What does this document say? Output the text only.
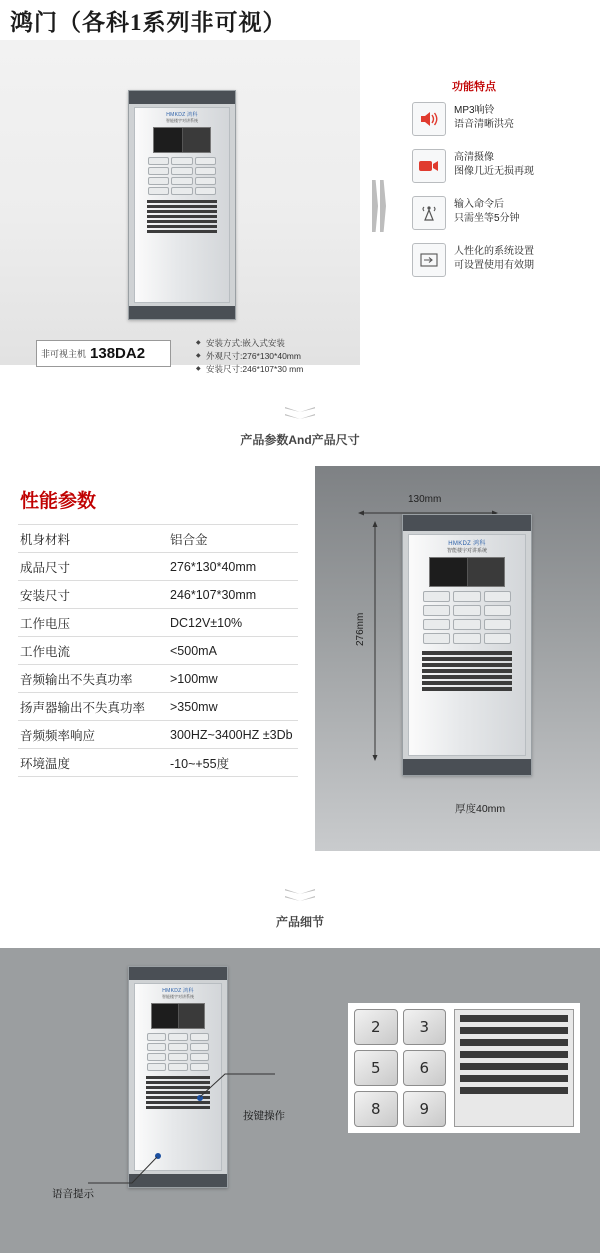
鸿门（各科1系列非可视）
HMKDZ 鸿科
智能楼宇对讲系统
非可视主机 138DA2
◆ 安装方式:嵌入式安装
◆ 外观尺寸:276*130*40mm
◆ 安装尺寸:246*107*30 mm
功能特点
MP3响铃
语音清晰洪亮
高清摄像
图像几近无损再现
输入命令后
只需坐等5分钟
人性化的系统设置
可设置使用有效期
产品参数And产品尺寸
性能参数
机身材料	铝合金
成品尺寸	276*130*40mm
安装尺寸	246*107*30mm
工作电压	DC12V±10%
工作电流	<500mA
音频输出不失真功率	>100mw
扬声器输出不失真功率	>350mw
音频频率响应	300HZ~3400HZ ±3Db
环境温度	-10~+55度
130mm
276mm
厚度40mm
HMKDZ 鸿科
智能楼宇对讲系统
产品细节
HMKDZ 鸿科
智能楼宇对讲系统
按键操作
语音提示
2	3
5	6
8	9
